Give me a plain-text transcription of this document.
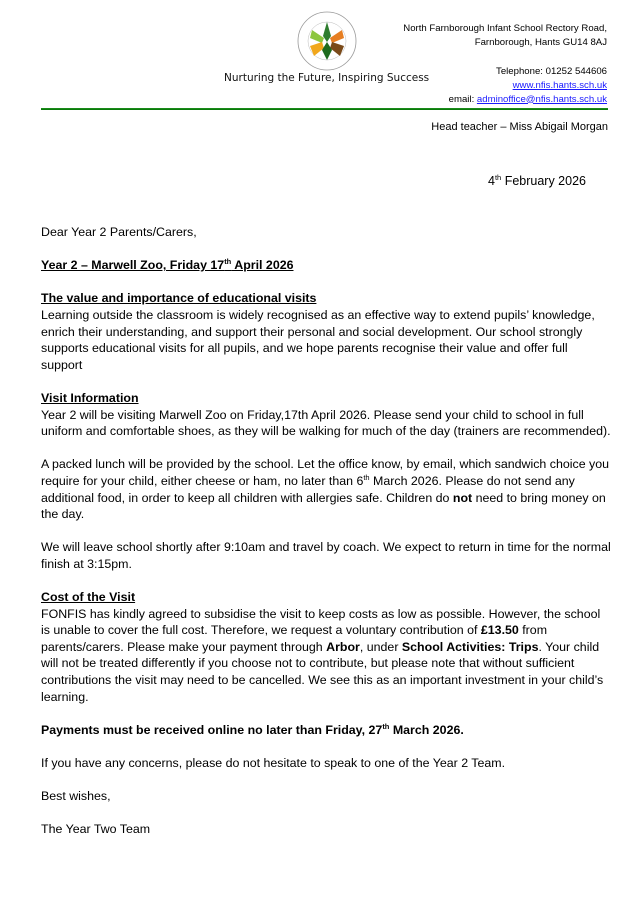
Nurturing the Future, Inspiring Success
North Farnborough Infant School Rectory Road,
Farnborough, Hants GU14 8AJ
Telephone: 01252 544606
www.nfis.hants.sch.uk
email: adminoffice@nfis.hants.sch.uk
Head teacher – Miss Abigail Morgan
4th February 2026

Dear Year 2 Parents/Carers,

Year 2 – Marwell Zoo, Friday 17th April 2026

The value and importance of educational visits

Learning outside the classroom is widely recognised as an effective way to extend pupils’ knowledge, enrich their understanding, and support their personal and social development. Our school strongly supports educational visits for all pupils, and we hope parents recognise their value and offer full support

Visit Information

Year 2 will be visiting Marwell Zoo on Friday,17th April 2026. Please send your child to school in full uniform and comfortable shoes, as they will be walking for much of the day (trainers are recommended).

A packed lunch will be provided by the school. Let the office know, by email, which sandwich choice you require for your child, either cheese or ham, no later than 6th March 2026. Please do not send any additional food, in order to keep all children with allergies safe. Children do not need to bring money on the day.

We will leave school shortly after 9:10am and travel by coach. We expect to return in time for the normal finish at 3:15pm.

Cost of the Visit

FONFIS has kindly agreed to subsidise the visit to keep costs as low as possible. However, the school is unable to cover the full cost. Therefore, we request a voluntary contribution of £13.50 from parents/carers. Please make your payment through Arbor, under School Activities: Trips. Your child will not be treated differently if you choose not to contribute, but please note that without sufficient contributions the visit may need to be cancelled. We see this as an important investment in your child’s learning.

Payments must be received online no later than Friday, 27th March 2026.

If you have any concerns, please do not hesitate to speak to one of the Year 2 Team.

Best wishes,

The Year Two Team
